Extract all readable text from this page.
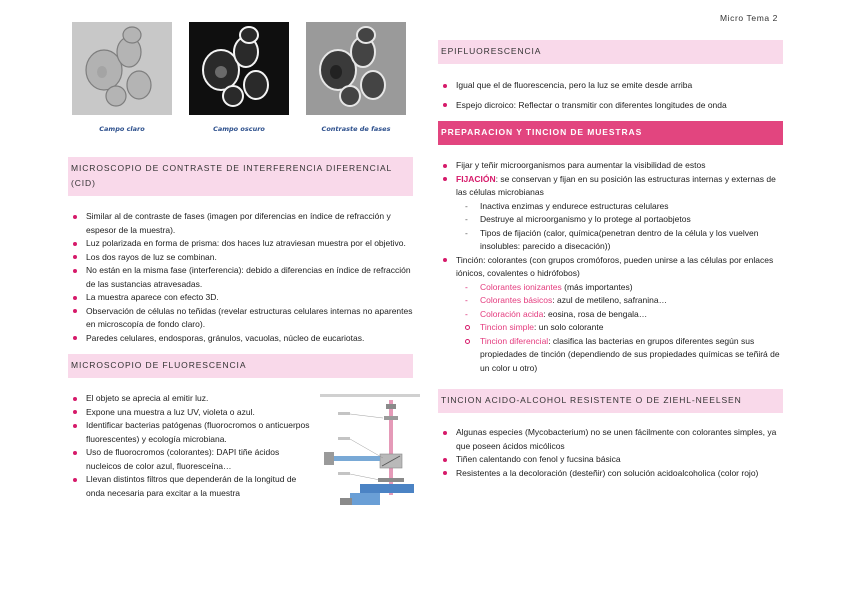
Micro Tema 2
Campo claro	Campo oscuro	Contraste de fases
MICROSCOPIO DE CONTRASTE DE INTERFERENCIA DIFERENCIAL (CID)
Similar al de contraste de fases (imagen por diferencias en índice de refracción y espesor de la muestra).
Luz polarizada en forma de prisma: dos haces luz atraviesan muestra por el objetivo.
Los dos rayos de luz se combinan.
No están en la misma fase (interferencia): debido a diferencias en índice de refracción de las sustancias atravesadas.
La muestra aparece con efecto 3D.
Observación de células no teñidas (revelar estructuras celulares internas no aparentes en microscopía de fondo claro).
Paredes celulares, endosporas, gránulos, vacuolas, núcleo de eucariotas.
MICROSCOPIO DE FLUORESCENCIA
El objeto se aprecia al emitir luz.
Expone una muestra a luz UV, violeta o azul.
Identificar bacterias patógenas (fluorocromos o anticuerpos fluorescentes) y ecología microbiana.
Uso de fluorocromos (colorantes): DAPI tiñe ácidos nucleicos de color azul, fluoresceína…
Llevan distintos filtros que dependerán de la longitud de onda necesaria para excitar a la muestra
EPIFLUORESCENCIA
Igual que el de fluorescencia, pero la luz se emite desde arriba
Espejo dicroico: Reflectar o transmitir con diferentes longitudes de onda
PREPARACION Y TINCION DE MUESTRAS
Fijar y teñir microorganismos para aumentar la visibilidad de estos
FIJACIÓN: se conservan y fijan en su posición las estructuras internas y externas de las células microbianas
- Inactiva enzimas y endurece estructuras celulares
- Destruye al microorganismo y lo protege al portaobjetos
- Tipos de fijación (calor, química(penetran dentro de la célula y los vuelven insolubles: parecido a disecación))
Tinción: colorantes (con grupos cromóforos, pueden unirse a las células por enlaces iónicos, covalentes o hidrófobos)
- Colorantes ionizantes (más importantes)
- Colorantes básicos: azul de metileno, safranina…
- Coloración acida: eosina, rosa de bengala…
Tincion simple: un solo colorante
Tincion diferencial: clasifica las bacterias en grupos diferentes según sus propiedades de tinción (dependiendo de sus propiedades químicas se teñirá de un color u otro)
TINCION ACIDO-ALCOHOL RESISTENTE O DE ZIEHL-NEELSEN
Algunas especies (Mycobacterium) no se unen fácilmente con colorantes simples, ya que poseen ácidos micólicos
Tiñen calentando con fenol y fucsina básica
Resistentes a la decoloración (desteñir) con solución acidoalcoholica (color rojo)
